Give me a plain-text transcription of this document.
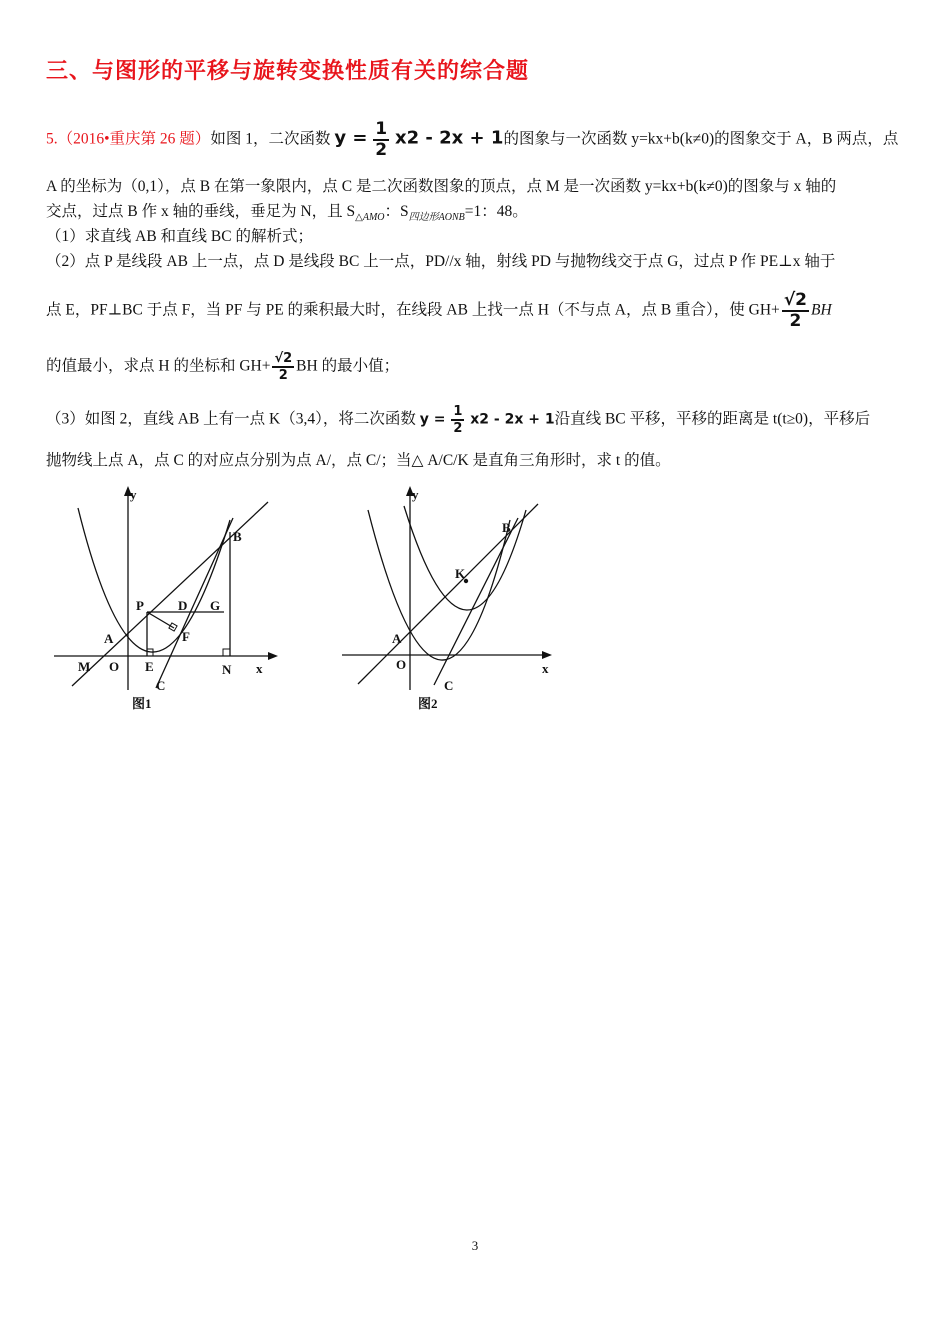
三、与图形的平移与旋转变换性质有关的综合题
5.（2016•重庆第 26 题）如图 1，二次函数 $y = \frac{1}{2} x2 - 2x + 1$的图象与一次函数 y=kx+b(k≠0)的图象交于 A，B 两点，点
A 的坐标为（0,1），点 B 在第一象限内，点 C 是二次函数图象的顶点，点 M 是一次函数 y=kx+b(k≠0)的图象与 x 轴的
交点，过点 B 作 x 轴的垂线，垂足为 N，且 $S_{\triangle AMO}$：$S_{四边形AONB}=1$：48。
（1）求直线 AB 和直线 BC 的解析式；
（2）点 P 是线段 AB 上一点，点 D 是线段 BC 上一点，PD//x 轴，射线 PD 与抛物线交于点 G，过点 P 作 PE⊥x 轴于
点 E，PF⊥BC 于点 F，当 PF 与 PE 的乘积最大时，在线段 AB 上找一点 H（不与点 A，点 B 重合），使 $GH+ \frac{√2}{2}$ BH
的值最小，求点 H 的坐标和 $GH+ \frac{√2}{2}$ BH 的最小值；
（3）如图 2，直线 AB 上有一点 K（3,4），将二次函数 $y = \frac{1}{2} x2 - 2x + 1$沿直线 BC 平移，平移的距离是 t(t≥0)，平移后
抛物线上点 A，点 C 的对应点分别为点 A/，点 C/；当△ A/C/K 是直角三角形时，求 t 的值。
y
x
O
M
A
B
C
P	D G
F
E	N
图1
y
x
O
A
B
C
K
图2
3
